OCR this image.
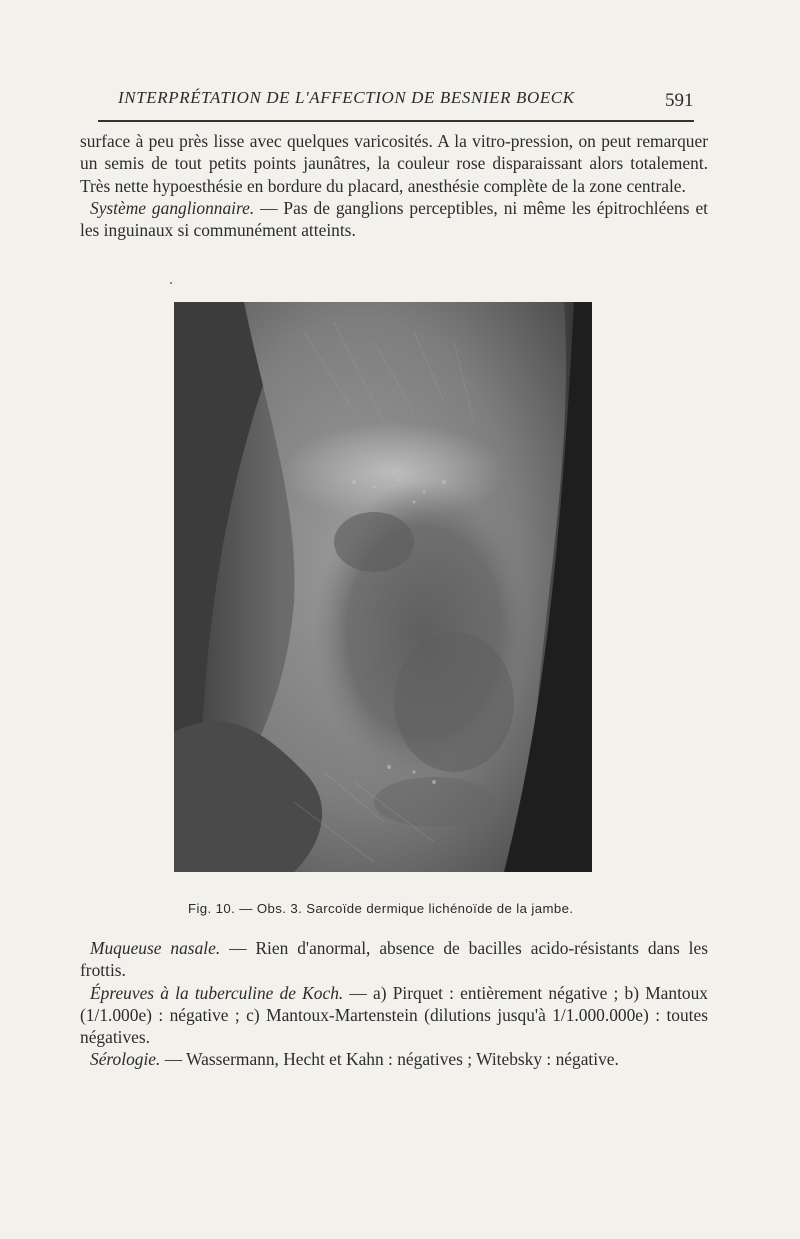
INTERPRÉTATION DE L'AFFECTION DE BESNIER BOECK	591

surface à peu près lisse avec quelques varicosités. A la vitro-pression, on peut remarquer un semis de tout petits points jaunâtres, la couleur rose disparaissant alors totalement. Très nette hypoesthésie en bordure du placard, anesthésie complète de la zone centrale.

Système ganglionnaire. — Pas de ganglions perceptibles, ni même les épitrochléens et les inguinaux si communément atteints.

Fig. 10. — Obs. 3. Sarcoïde dermique lichénoïde de la jambe.

Muqueuse nasale. — Rien d'anormal, absence de bacilles acido-résistants dans les frottis.

Épreuves à la tuberculine de Koch. — a) Pirquet : entièrement négative ; b) Mantoux (1/1.000e) : négative ; c) Mantoux-Martenstein (dilutions jusqu'à 1/1.000.000e) : toutes négatives.

Sérologie. — Wassermann, Hecht et Kahn : négatives ; Witebsky : négative.
